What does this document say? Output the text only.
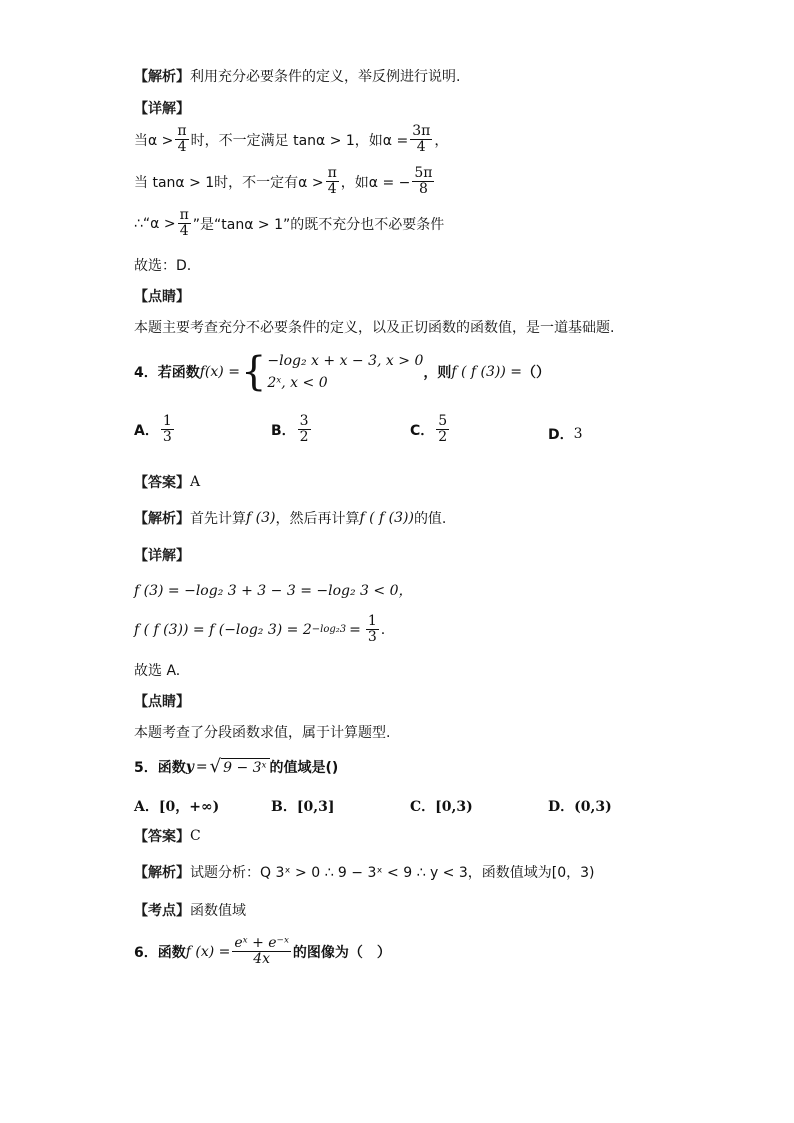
【解析】 利用充分必要条件的定义，举反例进行说明.
【详解】
当$\alpha > \frac{\pi}{4}$ 时，不一定满足 tanα > 1，如$\alpha = \frac{3\pi}{4}$ ，
当 tanα > 1时，不一定有$\alpha > \frac{\pi}{4}$ ，如α = − $\frac{5\pi}{8}$
∴“α > $\frac{\pi}{4}$ ”是“tanα > 1”的既不充分也不必要条件
故选：D.
【点睛】
本题主要考查充分不必要条件的定义，以及正切函数的函数值，是一道基础题.
4．若函数 f(x) = { −log₂ x + x − 3, x > 0
2ˣ, x < 0
，则 f ( f (3)) = （）
A． $\frac{1}{3}$	B． $\frac{3}{2}$	C． $\frac{5}{2}$	D． 3
【答案】 A
【解析】 首先计算 f (3) ，然后再计算 f ( f (3)) 的值.
【详解】
f (3) = −log₂ 3 + 3 − 3 = −log₂ 3 < 0，
f ( f (3)) = f (−log₂ $3) = 2 -\log_23 = \frac{1}{3}$ .
故选 A.
【点睛】
本题考查了分段函数求值，属于计算题型.
5．函数 y = √ 9 − 3ˣ 的值域是()
A．[0，+∞)	B．[0,3]	C．[0,3)	D．(0,3)
【答案】 C
【解析】 试题分析：Q 3ˣ > 0 ∴ 9 − 3ˣ < 9 ∴ y < 3，函数值域为[0，3)
【考点】 函数值域
6．函数 f $(x) = \frac{\text{eˣ + e⁻ˣ}}{4x}$ 的图像为（　）
